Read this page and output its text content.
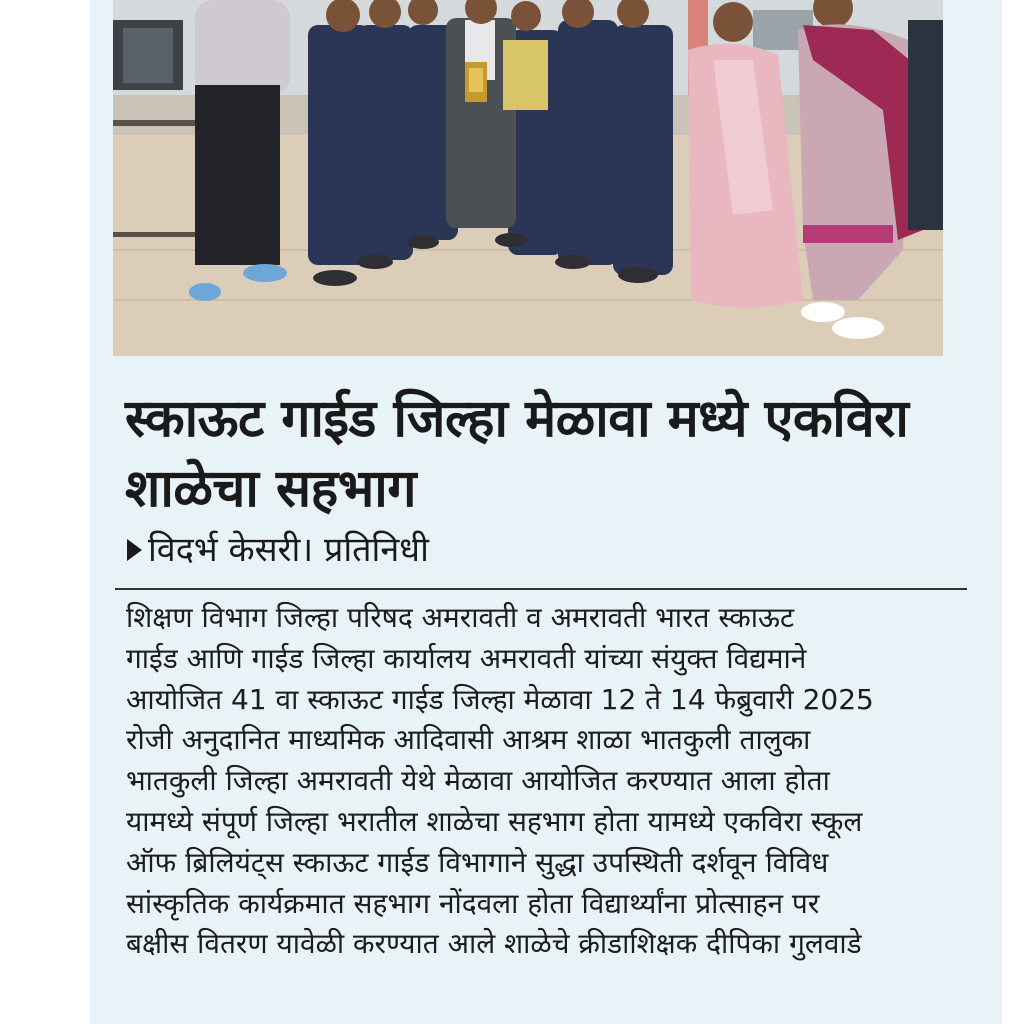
स्काऊट गाईड जिल्हा मेळावा मध्ये एकविरा
शाळेचा सहभाग
विदर्भ केसरी। प्रतिनिधी
शिक्षण विभाग जिल्हा परिषद अमरावती व अमरावती भारत स्काऊट
गाईड आणि गाईड जिल्हा कार्यालय अमरावती यांच्या संयुक्त विद्यमाने
आयोजित 41 वा स्काऊट गाईड जिल्हा मेळावा 12 ते 14 फेब्रुवारी 2025
रोजी अनुदानित माध्यमिक आदिवासी आश्रम शाळा भातकुली तालुका
भातकुली जिल्हा अमरावती येथे मेळावा आयोजित करण्यात आला होता
यामध्ये संपूर्ण जिल्हा भरातील शाळेचा सहभाग होता यामध्ये एकविरा स्कूल
ऑफ ब्रिलियंट्स स्काऊट गाईड विभागाने सुद्धा उपस्थिती दर्शवून विविध
सांस्कृतिक कार्यक्रमात सहभाग नोंदवला होता विद्यार्थ्यांना प्रोत्साहन पर
बक्षीस वितरण यावेळी करण्यात आले शाळेचे क्रीडाशिक्षक दीपिका गुलवाडे
